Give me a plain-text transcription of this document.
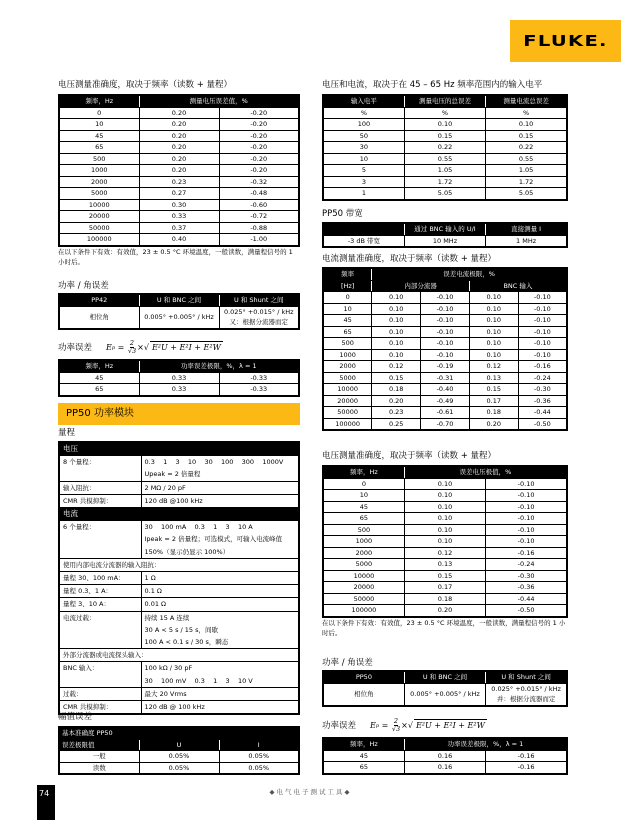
FLUKE.
电压测量准确度，取决于频率（读数 + 量程）
频率，Hz	测量电压误差值，%	
0	0.20	-0.20
10	0.20	-0.20
45	0.20	-0.20
65	0.20	-0.20
500	0.20	-0.20
1000	0.20	-0.20
2000	0.23	-0.32
5000	0.27	-0.48
10000	0.30	-0.60
20000	0.33	-0.72
50000	0.37	-0.88
100000	0.40	-1.00
在以下条件下有效：有效值，23 ± 0.5 °C 环境温度，一般读数，满量程信号的 1 小时后。
功率 / 角误差
PP42	U 和 BNC 之间	U 和 Shunt 之间
相位角	0.005° +0.005° / kHz	0.025° +0.015° / kHz
又：根据分流器而定
功率误差 E $p = \frac{2}{√3}$ ×√ E²U + E²I + E²W
频率，Hz	功率误差极限，%，λ = 1	
45	0.33	-0.33
65	0.33	-0.33
PP50 功率模块
量程
电压	
8 个量程：	0.3    1    3    10    30    100    300    1000V
Upeak = 2 倍量程

输入阻抗：	2 MΩ / 20 pF

CMR 共模抑制：	120 dB @100 kHz

电流	
6 个量程：	30    100 mA    0.3    1    3    10 A
Ipeak = 2 倍量程；可选模式，可输入电流峰值
150%（显示仍显示 100%）

使用内部电流分流器的输入阻抗：	
量程 30、100 mA：	1 Ω

量程 0.3、1 A：	0.1 Ω

量程 3、10 A：	0.01 Ω

电流过载：	持续 15 A 连续
30 A < 5 s / 15 s，间歇
100 A < 0.1 s / 30 s，瞬态

外部分流器或电流探头输入：	
BNC 输入：	100 kΩ / 30 pF
30    100 mV    0.3    1    3    10 V

过载：	最大 20 Vrms

CMR 共模抑制：	120 dB @ 100 kHz
幅值误差
基本准确度 PP50		
误差极限值	U	I
一般	0.05%	0.05%
读数	0.05%	0.05%
电压和电流，取决于在 45 – 65 Hz 频率范围内的输入电平
输入电平	测量电压的总误差	测量电流总误差
%	%	%
100	0.10	0.10
50	0.15	0.15
30	0.22	0.22
10	0.55	0.55
5	1.05	1.05
3	1.72	1.72
1	5.05	5.05
PP50 带宽
	通过 BNC 输入的 U/I	直接测量 I
-3 dB 带宽	10 MHz	1 MHz
电流测量准确度，取决于频率（读数 + 量程）
频率	误差电流极限，%			
[Hz]	内部分流器		BNC 输入	
0	0.10	-0.10	0.10	-0.10
10	0.10	-0.10	0.10	-0.10
45	0.10	-0.10	0.10	-0.10
65	0.10	-0.10	0.10	-0.10
500	0.10	-0.10	0.10	-0.10
1000	0.10	-0.10	0.10	-0.10
2000	0.12	-0.19	0.12	-0.16
5000	0.15	-0.31	0.13	-0.24
10000	0.18	-0.40	0.15	-0.30
20000	0.20	-0.49	0.17	-0.36
50000	0.23	-0.61	0.18	-0.44
100000	0.25	-0.70	0.20	-0.50
电压测量准确度，取决于频率（读数 + 量程）
频率，Hz	误差电压极值，%	
0	0.10	-0.10
10	0.10	-0.10
45	0.10	-0.10
65	0.10	-0.10
500	0.10	-0.10
1000	0.10	-0.10
2000	0.12	-0.16
5000	0.13	-0.24
10000	0.15	-0.30
20000	0.17	-0.36
50000	0.18	-0.44
100000	0.20	-0.50
在以下条件下有效：有效值，23 ± 0.5 °C 环境温度，一般读数，满量程信号的 1 小时后。
功率 / 角误差
PP50	U 和 BNC 之间	U 和 Shunt 之间
相位角	0.005° +0.005° / kHz	0.025° +0.015° / kHz
并：根据分流器而定
功率误差 E $p = \frac{2}{√3}$ ×√ E²U + E²I + E²W
频率，Hz	功率误差极限，%，λ = 1	
45	0.16	-0.16
65	0.16	-0.16
74	◆电气电子测试工具◆
